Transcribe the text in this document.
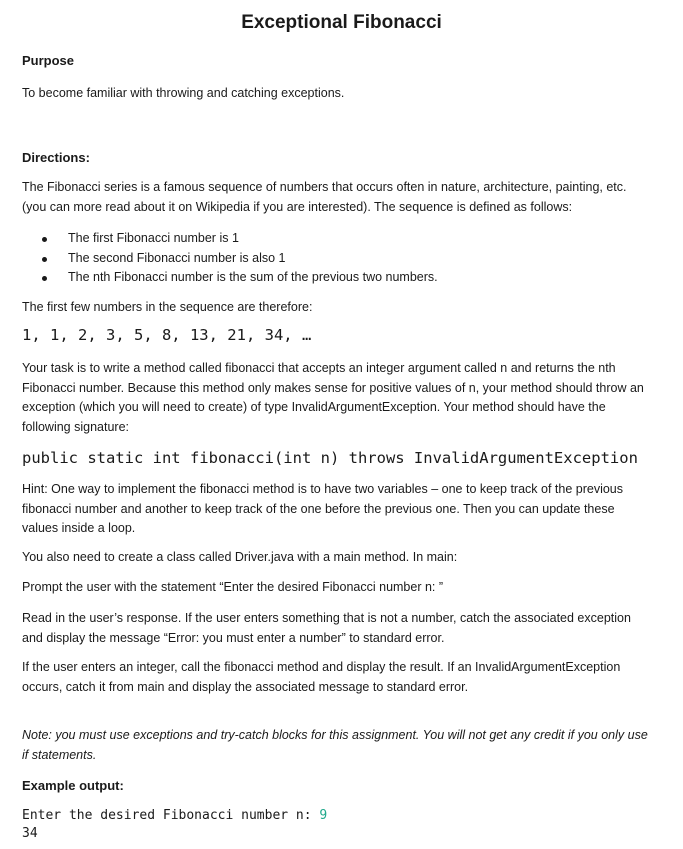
Exceptional Fibonacci
Purpose

To become familiar with throwing and catching exceptions.

Directions:

The Fibonacci series is a famous sequence of numbers that occurs often in nature, architecture, painting, etc. (you can more read about it on Wikipedia if you are interested). The sequence is defined as follows:

The first Fibonacci number is 1
The second Fibonacci number is also 1
The nth Fibonacci number is the sum of the previous two numbers.

The first few numbers in the sequence are therefore:

1, 1, 2, 3, 5, 8, 13, 21, 34, …

Your task is to write a method called fibonacci that accepts an integer argument called n and returns the nth Fibonacci number. Because this method only makes sense for positive values of n, your method should throw an exception (which you will need to create) of type InvalidArgumentException. Your method should have the following signature:

public static int fibonacci(int n) throws InvalidArgumentException

Hint: One way to implement the fibonacci method is to have two variables – one to keep track of the previous fibonacci number and another to keep track of the one before the previous one. Then you can update these values inside a loop.

You also need to create a class called Driver.java with a main method. In main:

Prompt the user with the statement “Enter the desired Fibonacci number n: ”

Read in the user’s response. If the user enters something that is not a number, catch the associated exception and display the message “Error: you must enter a number” to standard error.

If the user enters an integer, call the fibonacci method and display the result. If an InvalidArgumentException occurs, catch it from main and display the associated message to standard error.

Note: you must use exceptions and try-catch blocks for this assignment. You will not get any credit if you only use if statements.

Example output:
Enter the desired Fibonacci number n: 9
34
